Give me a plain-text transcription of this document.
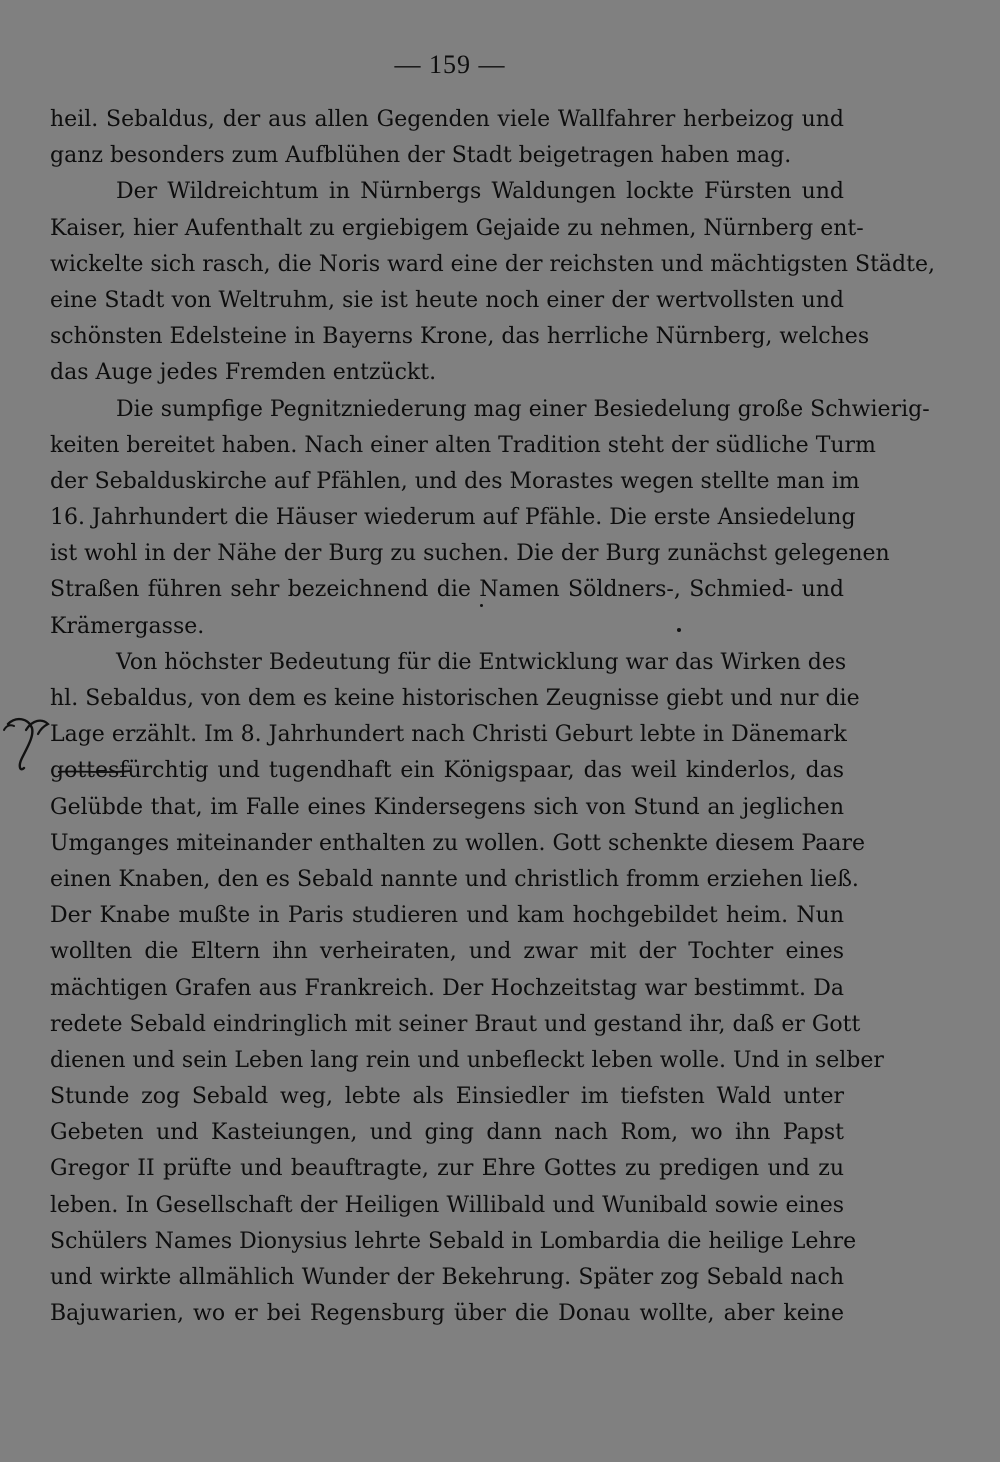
— 159 —
heil. Sebaldus, der aus allen Gegenden viele Wallfahrer herbeizog und
ganz besonders zum Aufblühen der Stadt beigetragen haben mag.
Der Wildreichtum in Nürnbergs Waldungen lockte Fürsten und
Kaiser, hier Aufenthalt zu ergiebigem Gejaide zu nehmen, Nürnberg ent-
wickelte sich rasch, die Noris ward eine der reichsten und mächtigsten Städte,
eine Stadt von Weltruhm, sie ist heute noch einer der wertvollsten und
schönsten Edelsteine in Bayerns Krone, das herrliche Nürnberg, welches
das Auge jedes Fremden entzückt.
Die sumpfige Pegnitzniederung mag einer Besiedelung große Schwierig-
keiten bereitet haben. Nach einer alten Tradition steht der südliche Turm
der Sebalduskirche auf Pfählen, und des Morastes wegen stellte man im
16. Jahrhundert die Häuser wiederum auf Pfähle. Die erste Ansiedelung
ist wohl in der Nähe der Burg zu suchen. Die der Burg zunächst gelegenen
Straßen führen sehr bezeichnend die Namen Söldners-, Schmied- und
Krämergasse.
Von höchster Bedeutung für die Entwicklung war das Wirken des
hl. Sebaldus, von dem es keine historischen Zeugnisse giebt und nur die
Lage erzählt. Im 8. Jahrhundert nach Christi Geburt lebte in Dänemark
gottesfürchtig und tugendhaft ein Königspaar, das weil kinderlos, das
Gelübde that, im Falle eines Kindersegens sich von Stund an jeglichen
Umganges miteinander enthalten zu wollen. Gott schenkte diesem Paare
einen Knaben, den es Sebald nannte und christlich fromm erziehen ließ.
Der Knabe mußte in Paris studieren und kam hochgebildet heim. Nun
wollten die Eltern ihn verheiraten, und zwar mit der Tochter eines
mächtigen Grafen aus Frankreich. Der Hochzeitstag war bestimmt. Da
redete Sebald eindringlich mit seiner Braut und gestand ihr, daß er Gott
dienen und sein Leben lang rein und unbefleckt leben wolle. Und in selber
Stunde zog Sebald weg, lebte als Einsiedler im tiefsten Wald unter
Gebeten und Kasteiungen, und ging dann nach Rom, wo ihn Papst
Gregor II prüfte und beauftragte, zur Ehre Gottes zu predigen und zu
leben. In Gesellschaft der Heiligen Willibald und Wunibald sowie eines
Schülers Names Dionysius lehrte Sebald in Lombardia die heilige Lehre
und wirkte allmählich Wunder der Bekehrung. Später zog Sebald nach
Bajuwarien, wo er bei Regensburg über die Donau wollte, aber keine
